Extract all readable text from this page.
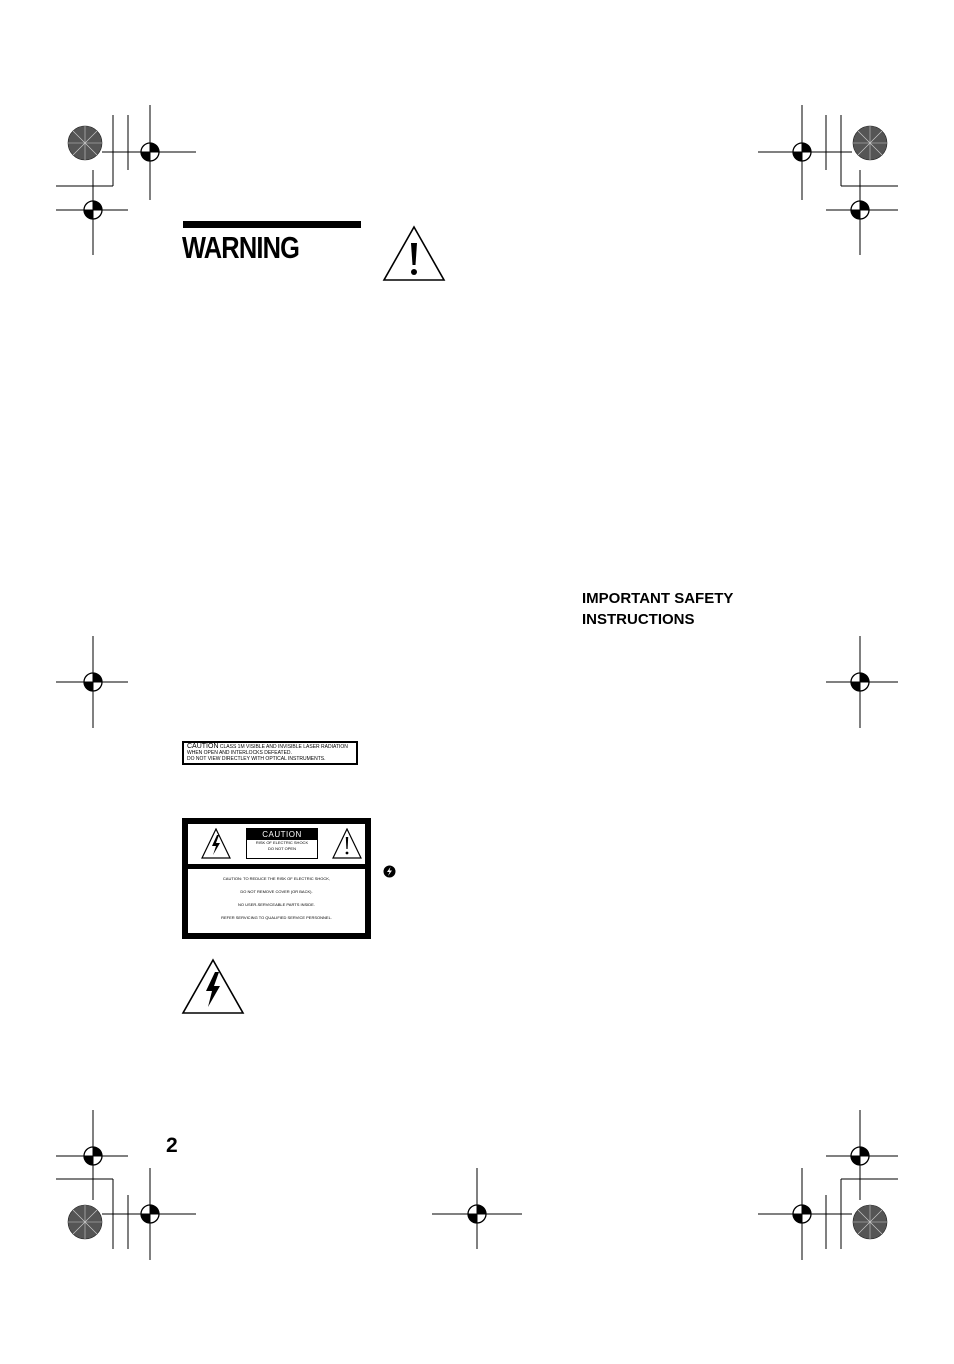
WARNING
IMPORTANT SAFETY
INSTRUCTIONS
CAUTION CLASS 1M VISIBLE AND INVISIBLE LASER RADIATION
WHEN OPEN AND INTERLOCKS DEFEATED.
DO NOT VIEW DIRECTLEY WITH OPTICAL INSTRUMENTS.
CAUTION
RISK OF ELECTRIC SHOCK
DO NOT OPEN
CAUTION: TO REDUCE THE RISK OF ELECTRIC SHOCK,
DO NOT REMOVE COVER (OR BACK).
NO USER-SERVICEABLE PARTS INSIDE.
REFER SERVICING TO QUALIFIED SERVICE PERSONNEL.
2
